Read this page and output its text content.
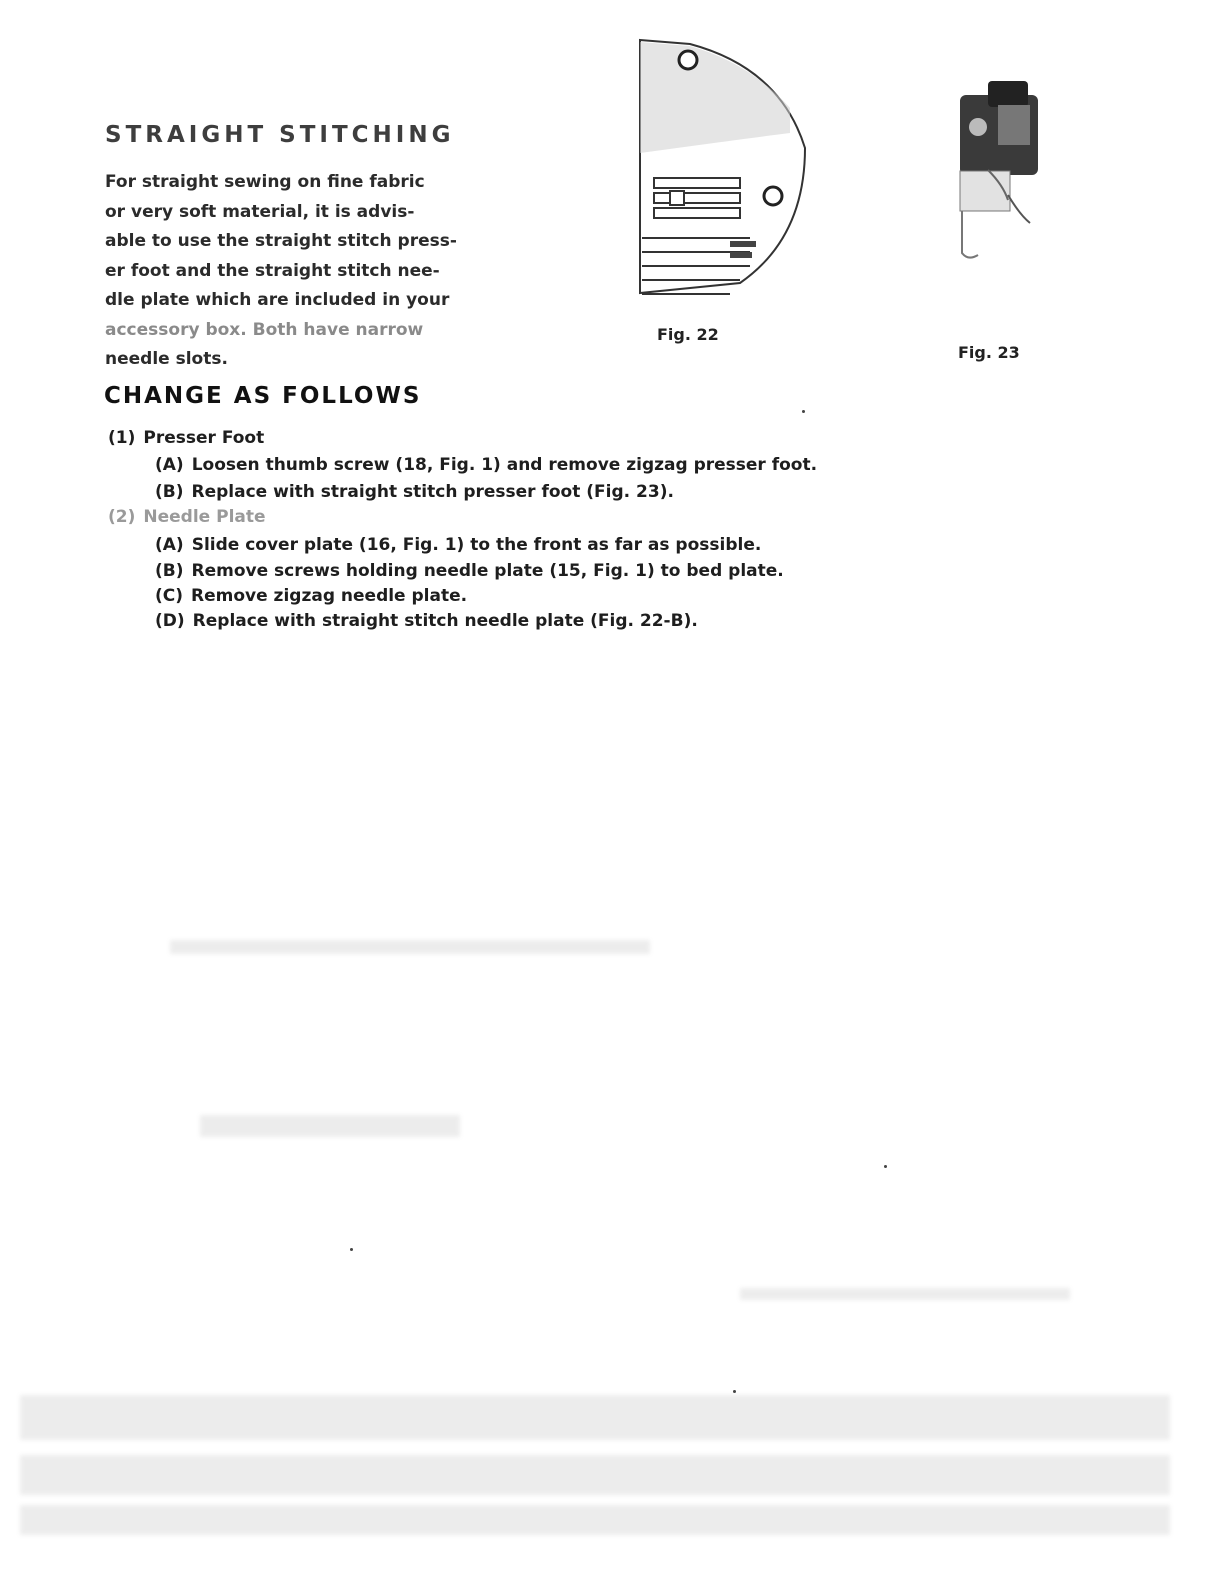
STRAIGHT STITCHING

For straight sewing on fine fabric
or very soft material, it is advis-
able to use the straight stitch press-
er foot and the straight stitch nee-
dle plate which are included in your
accessory box. Both have narrow
needle slots.

CHANGE AS FOLLOWS
(1) Presser Foot
(A) Loosen thumb screw (18, Fig. 1) and remove zigzag presser foot.
(B) Replace with straight stitch presser foot (Fig. 23).
(2) Needle Plate
(A) Slide cover plate (16, Fig. 1) to the front as far as possible.
(B) Remove screws holding needle plate (15, Fig. 1) to bed plate.
(C) Remove zigzag needle plate.
(D) Replace with straight stitch needle plate (Fig. 22-B).
Fig. 22
Fig. 23
